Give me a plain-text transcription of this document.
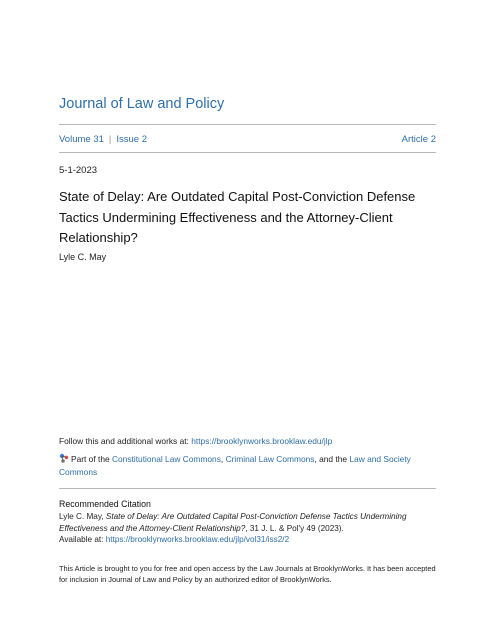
Journal of Law and Policy
Volume 31 | Issue 2	Article 2
5-1-2023
State of Delay: Are Outdated Capital Post-Conviction Defense
Tactics Undermining Effectiveness and the Attorney-Client
Relationship?
Lyle C. May
Follow this and additional works at: https://brooklynworks.brooklaw.edu/jlp
Part of the Constitutional Law Commons, Criminal Law Commons, and the Law and Society
Commons
Recommended Citation
Lyle C. May, State of Delay: Are Outdated Capital Post-Conviction Defense Tactics Undermining
Effectiveness and the Attorney-Client Relationship?, 31 J. L. & Pol'y 49 (2023).
Available at: https://brooklynworks.brooklaw.edu/jlp/vol31/iss2/2
This Article is brought to you for free and open access by the Law Journals at BrooklynWorks. It has been accepted
for inclusion in Journal of Law and Policy by an authorized editor of BrooklynWorks.
